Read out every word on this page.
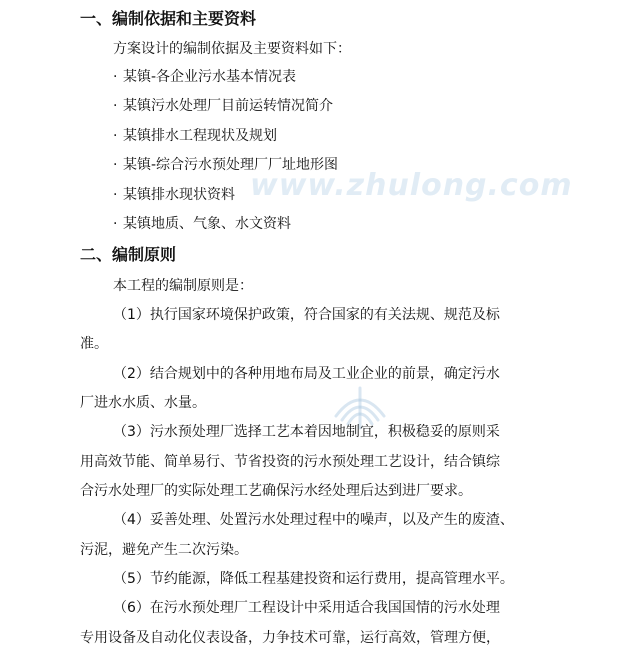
一、编制依据和主要资料
方案设计的编制依据及主要资料如下：
· 某镇-各企业污水基本情况表
· 某镇污水处理厂目前运转情况简介
· 某镇排水工程现状及规划
· 某镇-综合污水预处理厂厂址地形图
· 某镇排水现状资料
· 某镇地质、气象、水文资料
二、编制原则
本工程的编制原则是：
（1）执行国家环境保护政策，符合国家的有关法规、规范及标
准。
（2）结合规划中的各种用地布局及工业企业的前景，确定污水
厂进水水质、水量。
（3）污水预处理厂选择工艺本着因地制宜，积极稳妥的原则采
用高效节能、简单易行、节省投资的污水预处理工艺设计，结合镇综
合污水处理厂的实际处理工艺确保污水经处理后达到进厂要求。
（4）妥善处理、处置污水处理过程中的噪声，以及产生的废渣、
污泥，避免产生二次污染。
（5）节约能源，降低工程基建投资和运行费用，提高管理水平。
（6）在污水预处理厂工程设计中采用适合我国国情的污水处理
专用设备及自动化仪表设备，力争技术可靠，运行高效，管理方便，
www.zhulong.com
